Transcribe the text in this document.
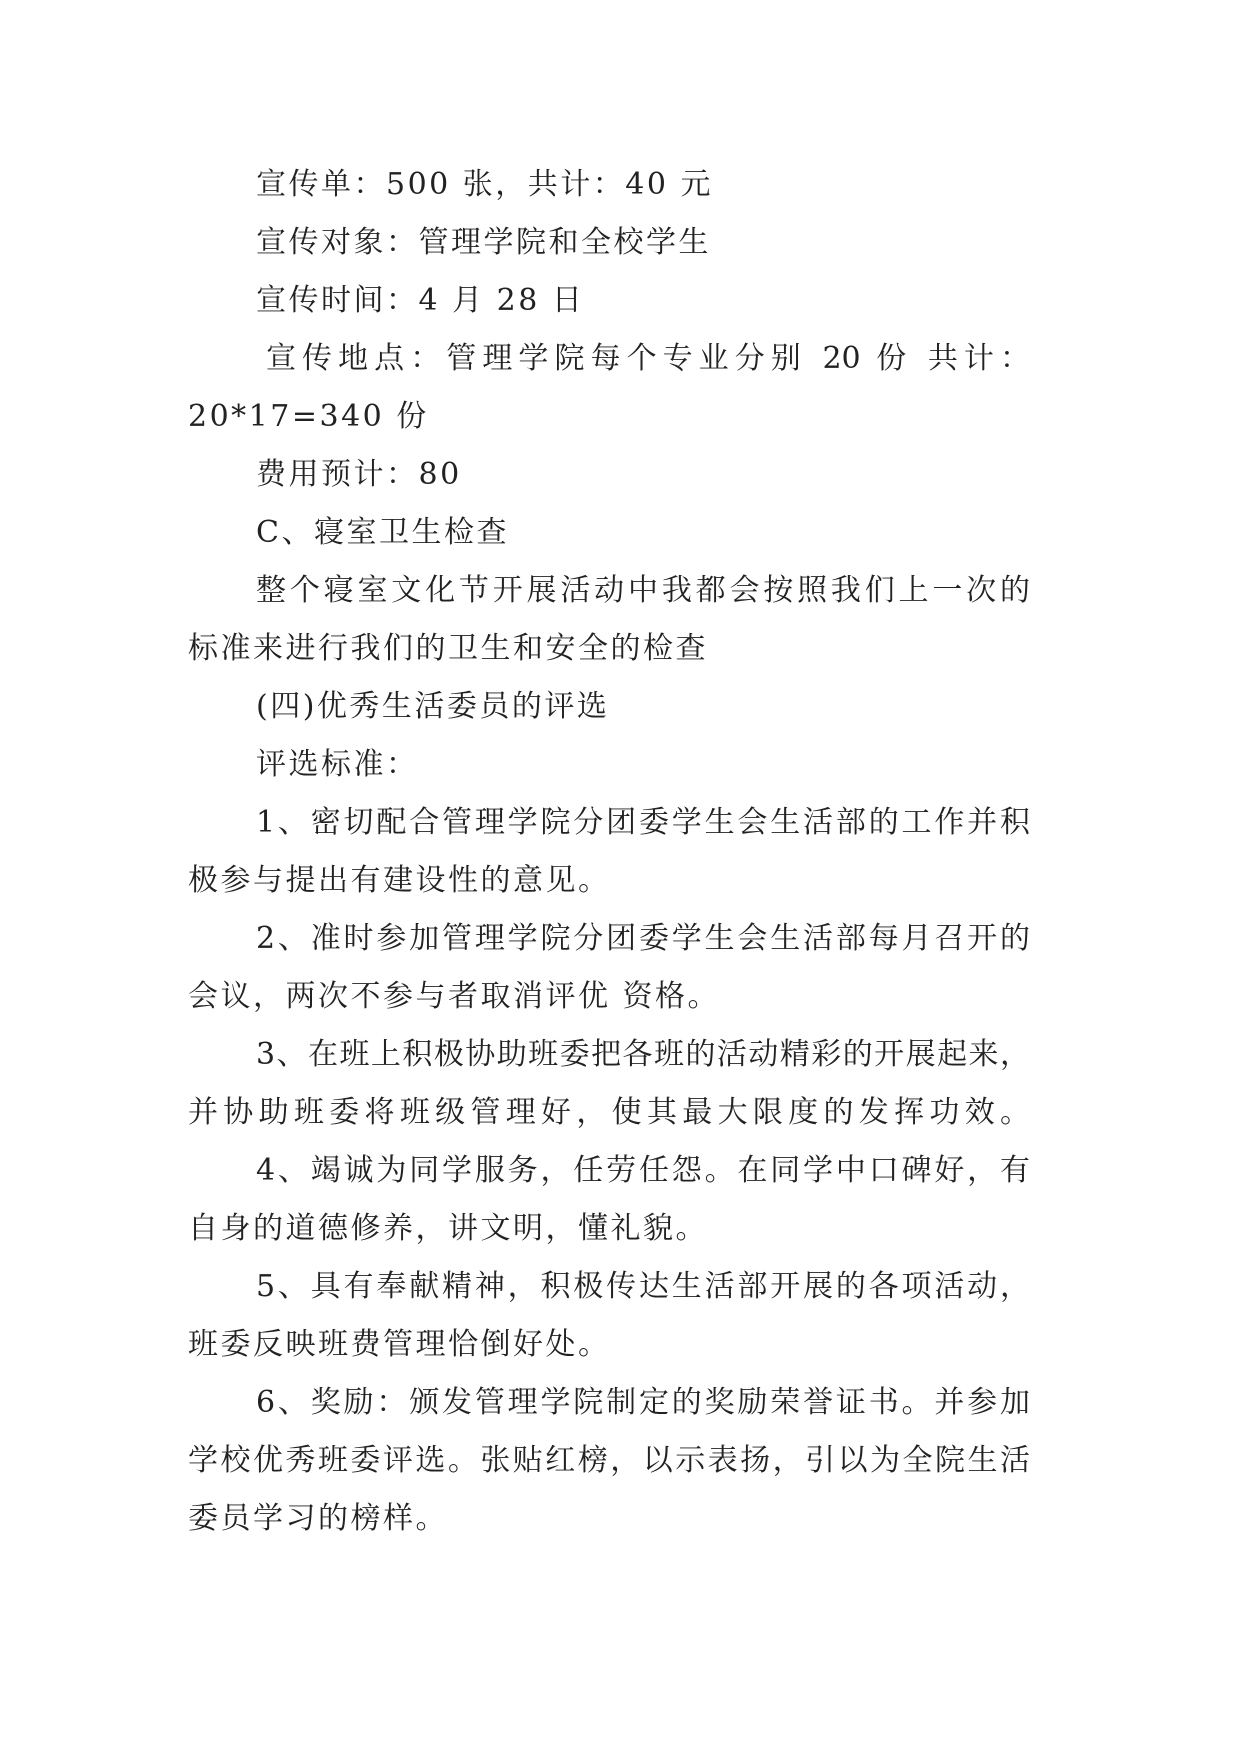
宣传单：500 张，共计：40 元
宣传对象：管理学院和全校学生
宣传时间：4 月 28 日
宣传地点：管理学院每个专业分别 20 份 共计：
20*17=340 份
费用预计：80
C、寝室卫生检查
整个寝室文化节开展活动中我都会按照我们上一次的
标准来进行我们的卫生和安全的检查
(四)优秀生活委员的评选
评选标准：
1、密切配合管理学院分团委学生会生活部的工作并积
极参与提出有建设性的意见。
2、准时参加管理学院分团委学生会生活部每月召开的
会议，两次不参与者取消评优 资格。
3、在班上积极协助班委把各班的活动精彩的开展起来，
并协助班委将班级管理好，使其最大限度的发挥功效。
4、竭诚为同学服务，任劳任怨。在同学中口碑好，有
自身的道德修养，讲文明，懂礼貌。
5、具有奉献精神，积极传达生活部开展的各项活动，
班委反映班费管理恰倒好处。
6、奖励：颁发管理学院制定的奖励荣誉证书。并参加
学校优秀班委评选。张贴红榜，以示表扬，引以为全院生活
委员学习的榜样。
